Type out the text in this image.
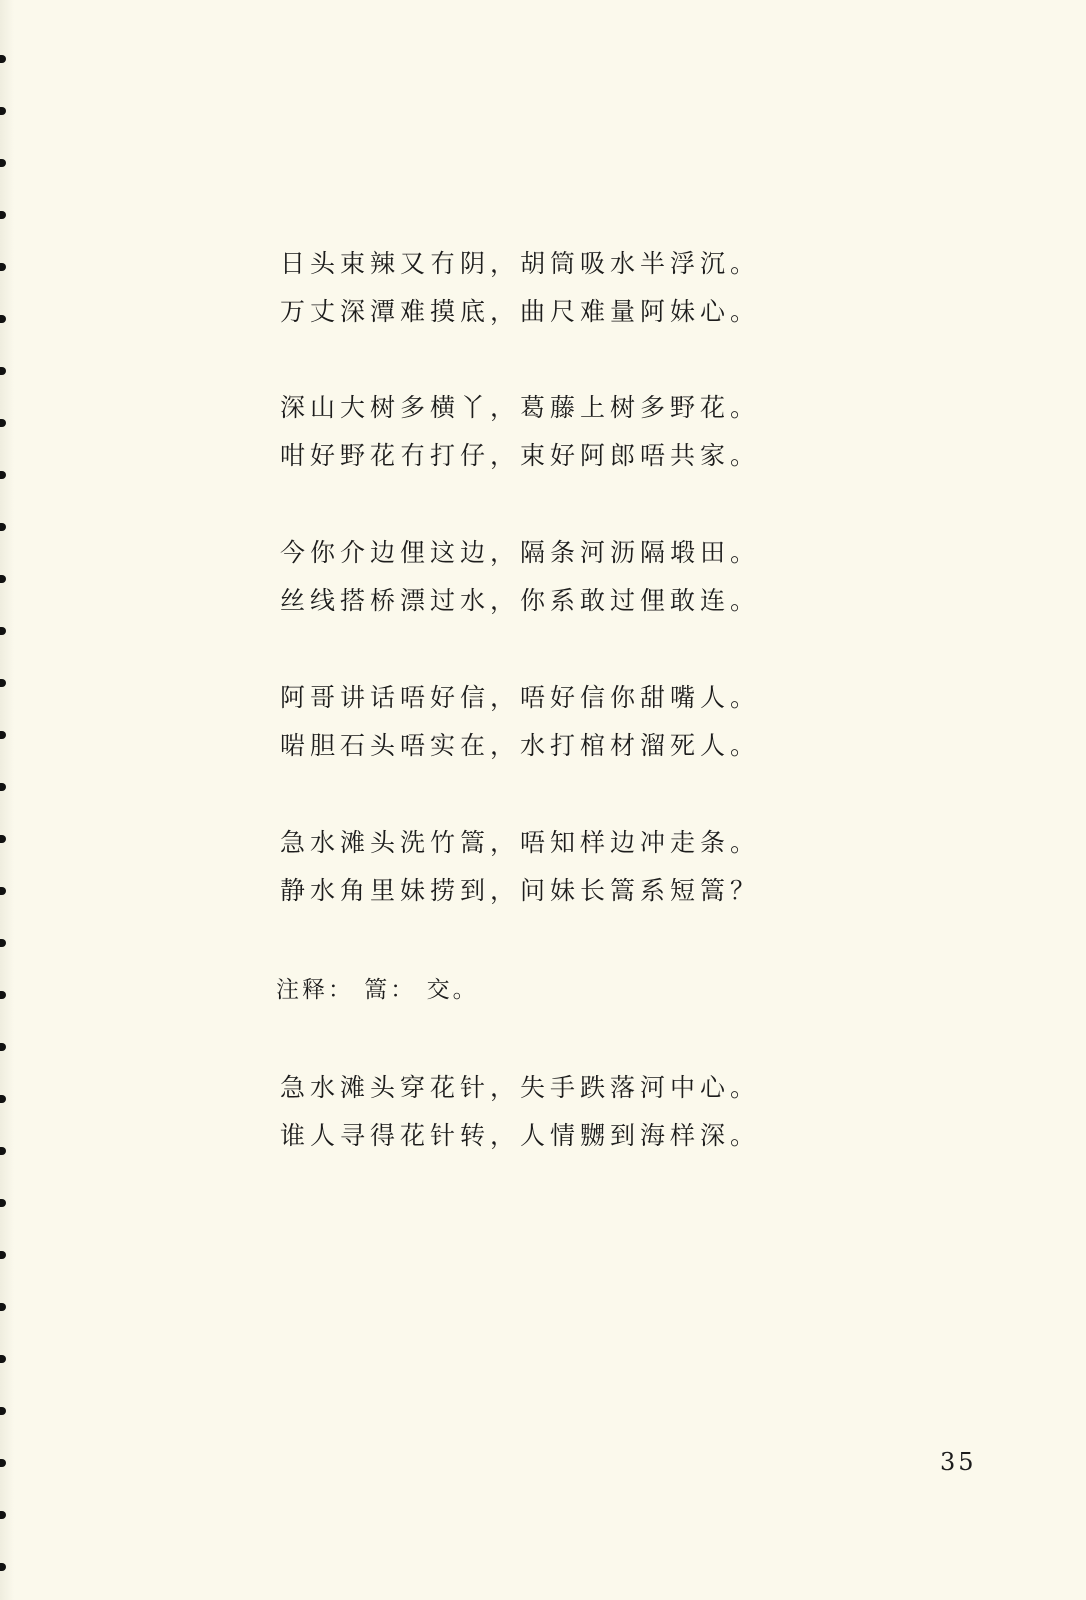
日头束辣又冇阴，胡筒吸水半浮沉。
万丈深潭难摸底，曲尺难量阿妹心。
深山大树多横丫，葛藤上树多野花。
咁好野花冇打仔，束好阿郎唔共家。
今你介边俚这边，隔条河沥隔塅田。
丝线搭桥漂过水，你系敢过俚敢连。
阿哥讲话唔好信，唔好信你甜嘴人。
啱胆石头唔实在，水打棺材溜死人。
急水滩头洗竹篙，唔知样边冲走条。
静水角里妹捞到，问妹长篙系短篙？
注释： 篙： 交。
急水滩头穿花针，失手跌落河中心。
谁人寻得花针转，人情嬲到海样深。
35
